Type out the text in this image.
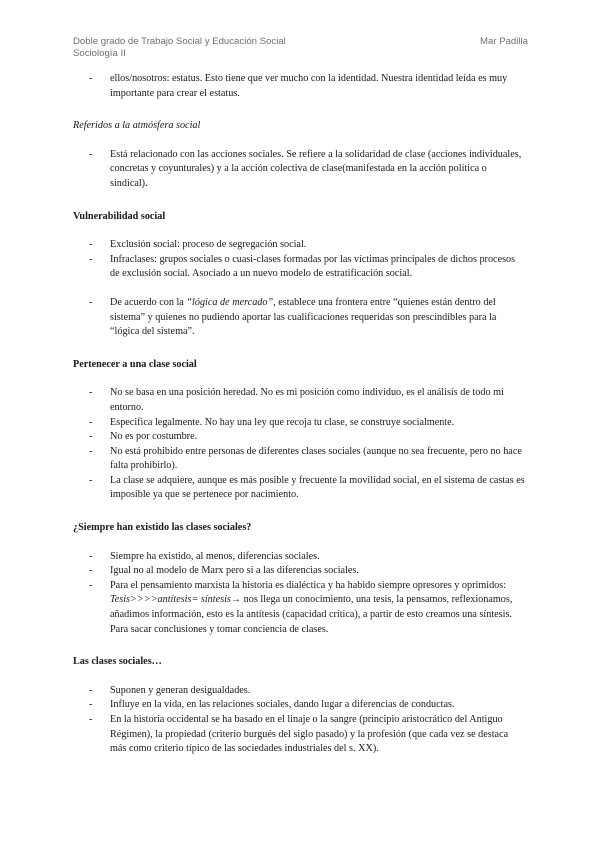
Doble grado de Trabajo Social y Educación Social	Mar Padilla
Sociología II
- ellos/nosotros: estatus. Esto tiene que ver mucho con la identidad. Nuestra identidad leída es muy importante para crear el estatus.

Referidos a la atmósfera social

- Está relacionado con las acciones sociales. Se refiere a la solidaridad de clase (acciones individuales, concretas y coyunturales) y a la acción colectiva de clase(manifestada en la acción política o sindical).

Vulnerabilidad social

- Exclusión social: proceso de segregación social.
- Infraclases: grupos sociales o cuasi-clases formadas por las víctimas principales de dichos procesos de exclusión social. Asociado a un nuevo modelo de estratificación social.
- De acuerdo con la “lógica de mercado”, establece una frontera entre “quienes están dentro del sistema” y quienes no pudiendo aportar las cualificaciones requeridas son prescindibles para la “lógica del sistema”.

Pertenecer a una clase social

- No se basa en una posición heredad. No es mi posición como individuo, es el análisis de todo mi entorno.
- Especifica legalmente. No hay una ley que recoja tu clase, se construye socialmente.
- No es por costumbre.
- No está prohibido entre personas de diferentes clases sociales (aunque no sea frecuente, pero no hace falta prohibirlo).
- La clase se adquiere, aunque es más posible y frecuente la movilidad social, en el sistema de castas es imposible ya que se pertenece por nacimiento.

¿Siempre han existido las clases sociales?

- Siempre ha existido, al menos, diferencias sociales.
- Igual no al modelo de Marx pero sí a las diferencias sociales.
- Para el pensamiento marxista la historia es dialéctica y ha habido siempre opresores y oprimidos: Tesis>>>>antítesis= síntesis→ nos llega un conocimiento, una tesis, la pensamos, reflexionamos, añadimos información, esto es la antítesis (capacidad crítica), a partir de esto creamos una síntesis. Para sacar conclusiones y tomar conciencia de clases.

Las clases sociales…

- Suponen y generan desigualdades.
- Influye en la vida, en las relaciones sociales, dando lugar a diferencias de conductas.
- En la historia occidental se ha basado en el linaje o la sangre (principio aristocrático del Antiguo Régimen), la propiedad (criterio burgués del siglo pasado) y la profesión (que cada vez se destaca más como criterio típico de las sociedades industriales del s. XX).
